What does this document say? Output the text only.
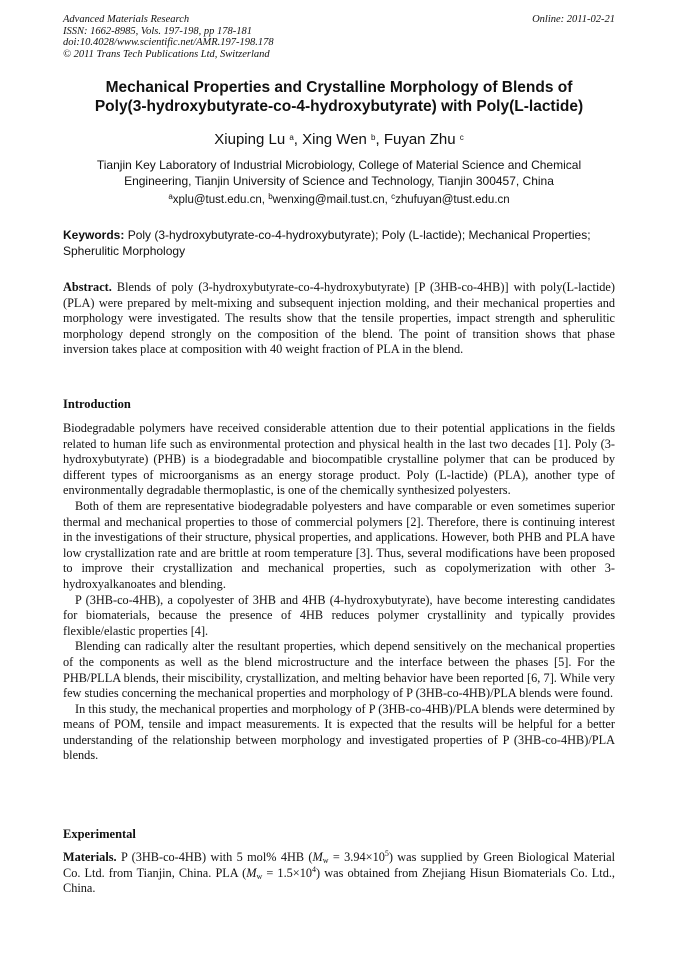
Advanced Materials Research
ISSN: 1662-8985, Vols. 197-198, pp 178-181
doi:10.4028/www.scientific.net/AMR.197-198.178
© 2011 Trans Tech Publications Ltd, Switzerland
Online: 2011-02-21
Mechanical Properties and Crystalline Morphology of Blends of
Poly(3-hydroxybutyrate-co-4-hydroxybutyrate) with Poly(L-lactide)
Xiuping Lu $^a$, Xing Wen $^b$, Fuyan Zhu $^c$
Tianjin Key Laboratory of Industrial Microbiology, College of Material Science and Chemical
Engineering, Tianjin University of Science and Technology, Tianjin 300457, China
$^a$xplu@tust.edu.cn, $^b$wenxing@mail.tust.cn, $^c$zhufuyan@tust.edu.cn
Keywords: Poly (3-hydroxybutyrate-co-4-hydroxybutyrate); Poly (L-lactide); Mechanical Properties; Spherulitic Morphology

Abstract. Blends of poly (3-hydroxybutyrate-co-4-hydroxybutyrate) [P (3HB-co-4HB)] with poly(L-lactide) (PLA) were prepared by melt-mixing and subsequent injection molding, and their mechanical properties and morphology were investigated. The results show that the tensile properties, impact strength and spherulitic morphology depend strongly on the composition of the blend. The point of transition shows that phase inversion takes place at composition with 40 weight fraction of PLA in the blend.

Introduction

Biodegradable polymers have received considerable attention due to their potential applications in the fields related to human life such as environmental protection and physical health in the last two decades [1]. Poly (3-hydroxybutyrate) (PHB) is a biodegradable and biocompatible crystalline polymer that can be produced by different types of microorganisms as an energy storage product. Poly (L-lactide) (PLA), another type of environmentally degradable thermoplastic, is one of the chemically synthesized polyesters.

Both of them are representative biodegradable polyesters and have comparable or even sometimes superior thermal and mechanical properties to those of commercial polymers [2]. Therefore, there is continuing interest in the investigations of their structure, physical properties, and applications. However, both PHB and PLA have low crystallization rate and are brittle at room temperature [3]. Thus, several modifications have been proposed to improve their crystallization and mechanical properties, such as copolymerization with other 3-hydroxyalkanoates and blending.

P (3HB-co-4HB), a copolyester of 3HB and 4HB (4-hydroxybutyrate), have become interesting candidates for biomaterials, because the presence of 4HB reduces polymer crystallinity and typically provides flexible/elastic properties [4].

Blending can radically alter the resultant properties, which depend sensitively on the mechanical properties of the components as well as the blend microstructure and the interface between the phases [5]. For the PHB/PLLA blends, their miscibility, crystallization, and melting behavior have been reported [6, 7]. While very few studies concerning the mechanical properties and morphology of P (3HB-co-4HB)/PLA blends were found.

In this study, the mechanical properties and morphology of P (3HB-co-4HB)/PLA blends were determined by means of POM, tensile and impact measurements. It is expected that the results will be helpful for a better understanding of the relationship between morphology and investigated properties of P (3HB-co-4HB)/PLA blends.

Experimental

Materials. P (3HB-co-4HB) with 5 mol% 4HB $(Mw = 3.94\times 10^5)$ was supplied by Green Biological Material Co. Ltd. from Tianjin, China. PLA $(Mw = 1.5\times 10^4)$ was obtained from Zhejiang Hisun Biomaterials Co. Ltd., China.
